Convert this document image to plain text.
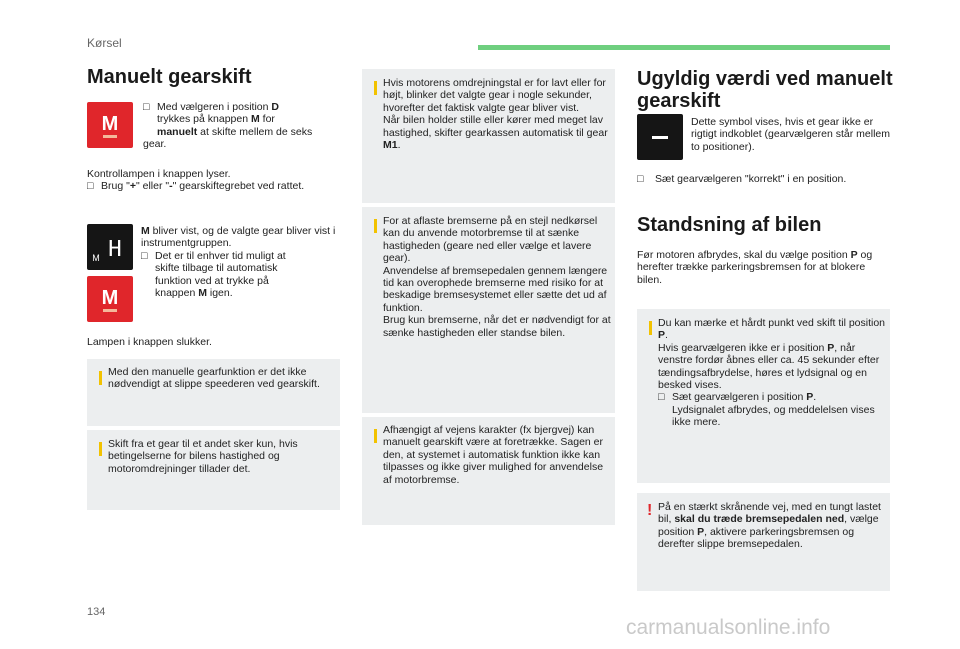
Kørsel
Manuelt gearskift
M
□ Med vælgeren i position D
trykkes på knappen M for
manuelt at skifte mellem de seks gear.
Kontrollampen i knappen lyser.
□ Brug "+" eller "-" gearskiftegrebet ved rattet.
M H
M
M bliver vist, og de valgte gear bliver vist i instrumentgruppen.
□ Det er til enhver tid muligt at skifte tilbage til automatisk funktion ved at trykke på knappen M igen.
Lampen i knappen slukker.
Med den manuelle gearfunktion er det ikke nødvendigt at slippe speederen ved gearskift.
Skift fra et gear til et andet sker kun, hvis betingelserne for bilens hastighed og motoromdrejninger tillader det.
Hvis motorens omdrejningstal er for lavt eller for højt, blinker det valgte gear i nogle sekunder, hvorefter det faktisk valgte gear bliver vist.
Når bilen holder stille eller kører med meget lav hastighed, skifter gearkassen automatisk til gear M1.
For at aflaste bremserne på en stejl nedkørsel kan du anvende motorbremse til at sænke hastigheden (geare ned eller vælge et lavere gear).
Anvendelse af bremsepedalen gennem længere tid kan overophede bremserne med risiko for at beskadige bremsesystemet eller sætte det ud af funktion.
Brug kun bremserne, når det er nødvendigt for at sænke hastigheden eller standse bilen.
Afhængigt af vejens karakter (fx bjergvej) kan manuelt gearskift være at foretrække. Sagen er den, at systemet i automatisk funktion ikke kan tilpasses og ikke giver mulighed for anvendelse af motorbremse.
Ugyldig værdi ved manuelt gearskift
Dette symbol vises, hvis et gear ikke er rigtigt indkoblet (gearvælgeren står mellem to positioner).
□ Sæt gearvælgeren "korrekt" i en position.
Standsning af bilen
Før motoren afbrydes, skal du vælge position P og herefter trække parkeringsbremsen for at blokere bilen.
Du kan mærke et hårdt punkt ved skift til position P.
Hvis gearvælgeren ikke er i position P, når venstre fordør åbnes eller ca. 45 sekunder efter tændingsafbrydelse, høres et lydsignal og en besked vises.
□ Sæt gearvælgeren i position P.
Lydsignalet afbrydes, og meddelelsen vises ikke mere.
! På en stærkt skrånende vej, med en tungt lastet bil, skal du træde bremsepedalen ned, vælge position P, aktivere parkeringsbremsen og derefter slippe bremsepedalen.
134
carmanualsonline.info
